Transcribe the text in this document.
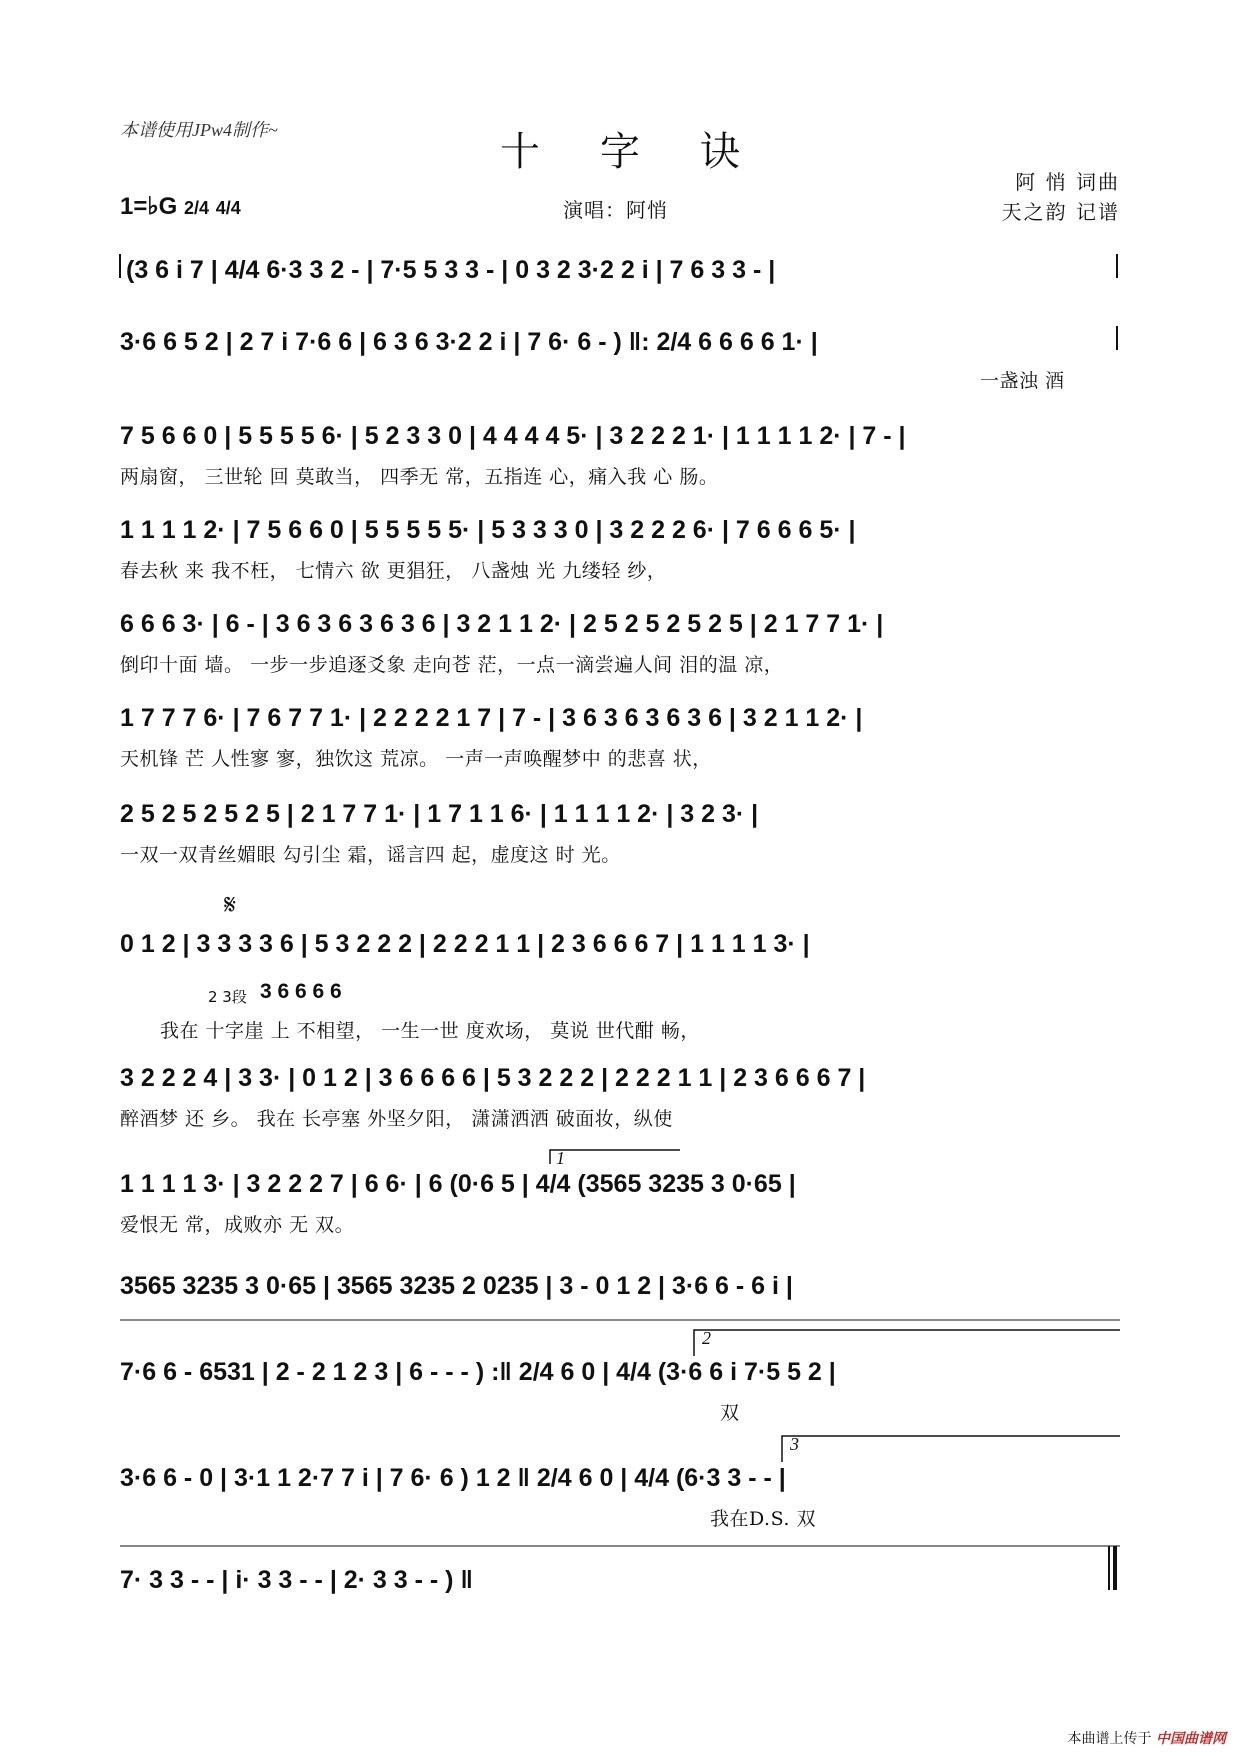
本谱使用JPw4制作~	十字诀
阿 悄 词曲
天之韵 记谱
1=♭G 2/4 4/4	演唱：阿悄
(3 6 i 7 | 4/4 6·3 3 2 - | 7·5 5 3 3 - | 0 3 2 3·2 2 i | 7 6 3 3 - |
3·6 6 5 2 | 2 7 i 7·6 6 | 6 3 6 3·2 2 i | 7 6· 6 - ) ‖: 2/4 6 6 6 6 1· |
一盏浊 酒
7 5 6 6 0 | 5 5 5 5 6· | 5 2 3 3 0 | 4 4 4 4 5· | 3 2 2 2 1· | 1 1 1 1 2· | 7 - |
两扇窗， 三世轮 回 莫敢当， 四季无 常，五指连 心，痛入我 心 肠。
1 1 1 1 2· | 7 5 6 6 0 | 5 5 5 5 5· | 5 3 3 3 0 | 3 2 2 2 6· | 7 6 6 6 5· |
春去秋 来 我不枉， 七情六 欲 更猖狂， 八盏烛 光 九缕轻 纱，
6 6 6 3· | 6 - | 3 6 3 6 3 6 3 6 | 3 2 1 1 2· | 2 5 2 5 2 5 2 5 | 2 1 7 7 1· |
倒印十面 墙。 一步一步追逐爻象 走向苍 茫，一点一滴尝遍人间 泪的温 凉，
1 7 7 7 6· | 7 6 7 7 1· | 2 2 2 2 1 7 | 7 - | 3 6 3 6 3 6 3 6 | 3 2 1 1 2· |
天机锋 芒 人性寥 寥，独饮这 荒凉。 一声一声唤醒梦中 的悲喜 状，
2 5 2 5 2 5 2 5 | 2 1 7 7 1· | 1 7 1 1 6· | 1 1 1 1 2· | 3 2 3· |
一双一双青丝媚眼 勾引尘 霜，谣言四 起，虚度这 时 光。
𝄋
0 1 2 | 3 3 3 3 6 | 5 3 2 2 2 | 2 2 2 1 1 | 2 3 6 6 6 7 | 1 1 1 1 3· |
2 3段 3 6 6 6 6
我在 十字崖 上 不相望， 一生一世 度欢场， 莫说 世代酣 畅，
3 2 2 2 4 | 3 3· | 0 1 2 | 3 6 6 6 6 | 5 3 2 2 2 | 2 2 2 1 1 | 2 3 6 6 6 7 |
醉酒梦 还 乡。 我在 长亭塞 外坚夕阳， 潇潇洒洒 破面妆，纵使
1
1 1 1 1 3· | 3 2 2 2 7 | 6 6· | 6 (0·6 5 | 4/4 (3565 3235 3 0·65 |
爱恨无 常，成败亦 无 双。
3565 3235 3 0·65 | 3565 3235 2 0235 | 3 - 0 1 2 | 3·6 6 - 6 i |
2
7·6 6 - 6531 | 2 - 2 1 2 3 | 6 - - - ) :‖ 2/4 6 0 | 4/4 (3·6 6 i 7·5 5 2 |
双
3
3·6 6 - 0 | 3·1 1 2·7 7 i | 7 6· 6 ) 1 2 ‖ 2/4 6 0 | 4/4 (6·3 3 - - |
我在D.S. 双
7· 3 3 - - | i· 3 3 - - | 2· 3 3 - - ) ‖
本曲谱上传于 中国曲谱网
